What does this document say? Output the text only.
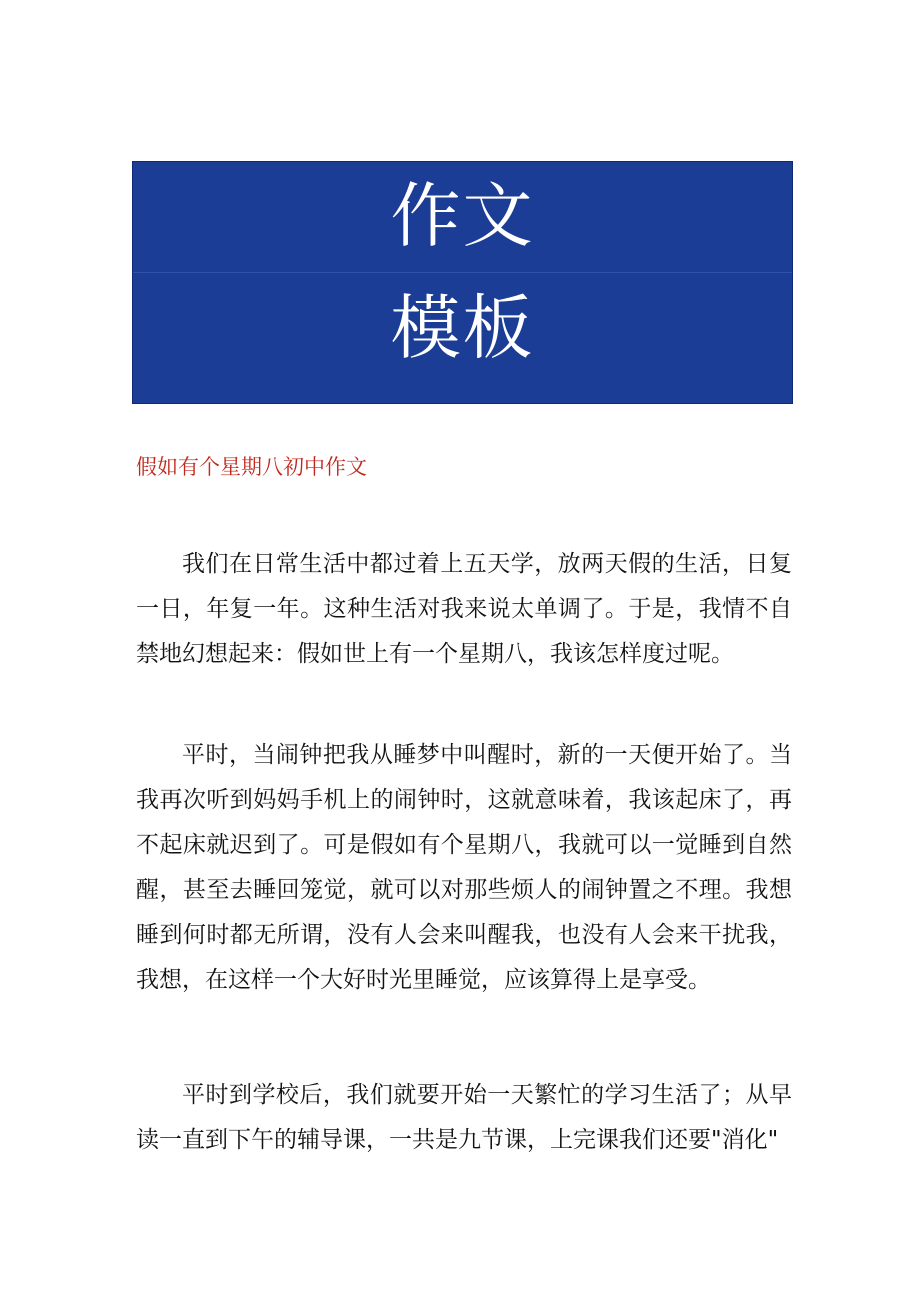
作文
模板
假如有个星期八初中作文

我们在日常生活中都过着上五天学，放两天假的生活，日复一日，年复一年。这种生活对我来说太单调了。于是，我情不自禁地幻想起来：假如世上有一个星期八，我该怎样度过呢。

平时，当闹钟把我从睡梦中叫醒时，新的一天便开始了。当我再次听到妈妈手机上的闹钟时，这就意味着，我该起床了，再不起床就迟到了。可是假如有个星期八，我就可以一觉睡到自然醒，甚至去睡回笼觉，就可以对那些烦人的闹钟置之不理。我想睡到何时都无所谓，没有人会来叫醒我，也没有人会来干扰我，我想，在这样一个大好时光里睡觉，应该算得上是享受。

平时到学校后，我们就要开始一天繁忙的学习生活了；从早读一直到下午的辅导课，一共是九节课，上完课我们还要"消化"
